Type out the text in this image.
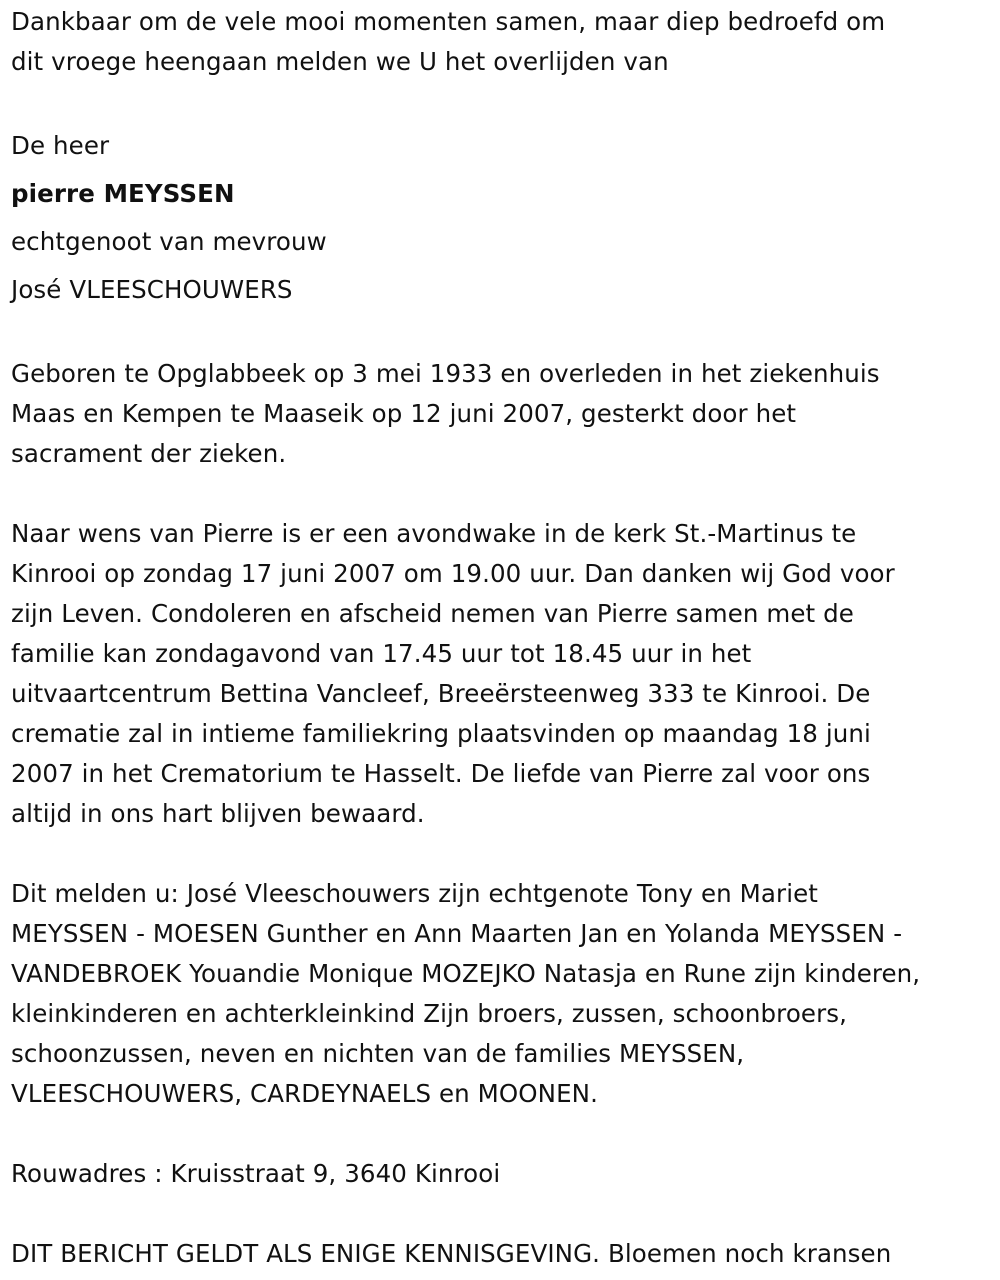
Dankbaar om de vele mooi momenten samen, maar diep bedroefd om
dit vroege heengaan melden we U het overlijden van

De heer

pierre MEYSSEN

echtgenoot van mevrouw

José VLEESCHOUWERS

Geboren te Opglabbeek op 3 mei 1933 en overleden in het ziekenhuis
Maas en Kempen te Maaseik op 12 juni 2007, gesterkt door het
sacrament der zieken.

Naar wens van Pierre is er een avondwake in de kerk St.-Martinus te
Kinrooi op zondag 17 juni 2007 om 19.00 uur. Dan danken wij God voor
zijn Leven. Condoleren en afscheid nemen van Pierre samen met de
familie kan zondagavond van 17.45 uur tot 18.45 uur in het
uitvaartcentrum Bettina Vancleef, Breeërsteenweg 333 te Kinrooi. De
crematie zal in intieme familiekring plaatsvinden op maandag 18 juni
2007 in het Crematorium te Hasselt. De liefde van Pierre zal voor ons
altijd in ons hart blijven bewaard.

Dit melden u: José Vleeschouwers zijn echtgenote Tony en Mariet
MEYSSEN - MOESEN Gunther en Ann Maarten Jan en Yolanda MEYSSEN -
VANDEBROEK Youandie Monique MOZEJKO Natasja en Rune zijn kinderen,
kleinkinderen en achterkleinkind Zijn broers, zussen, schoonbroers,
schoonzussen, neven en nichten van de families MEYSSEN,
VLEESCHOUWERS, CARDEYNAELS en MOONEN.

Rouwadres : Kruisstraat 9, 3640 Kinrooi

DIT BERICHT GELDT ALS ENIGE KENNISGEVING. Bloemen noch kransen
